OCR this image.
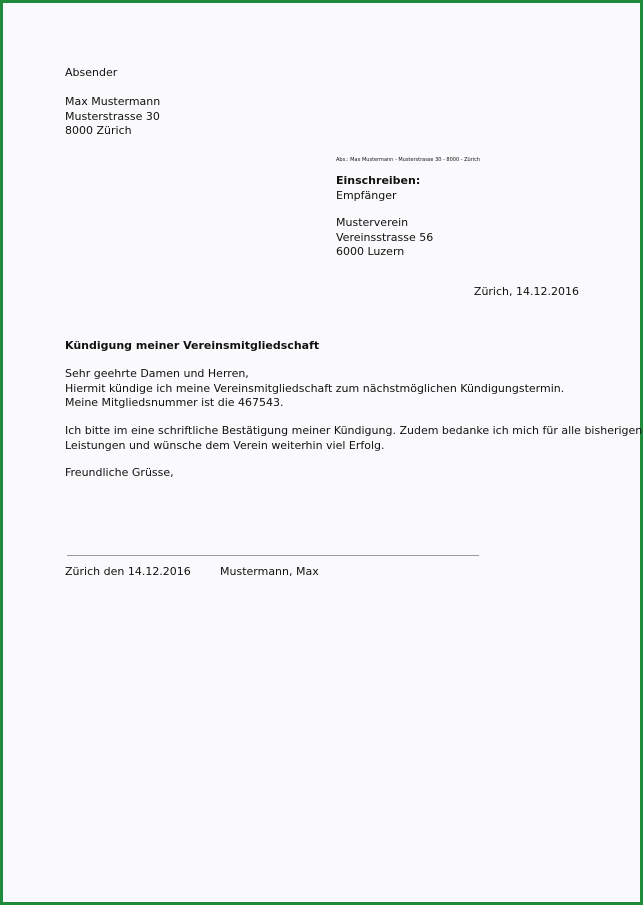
Absender
Max Mustermann
Musterstrasse 30
8000 Zürich
Abs.: Max Mustermann - Musterstrasse 30 - 8000 - Zürich
Einschreiben:
Empfänger
Musterverein
Vereinsstrasse 56
6000 Luzern
Zürich, 14.12.2016
Kündigung meiner Vereinsmitgliedschaft
Sehr geehrte Damen und Herren,
Hiermit kündige ich meine Vereinsmitgliedschaft zum nächstmöglichen Kündigungstermin.
Meine Mitgliedsnummer ist die 467543.
Ich bitte im eine schriftliche Bestätigung meiner Kündigung. Zudem bedanke ich mich für alle bisherigen
Leistungen und wünsche dem Verein weiterhin viel Erfolg.
Freundliche Grüsse,
Zürich den 14.12.2016	Mustermann, Max
